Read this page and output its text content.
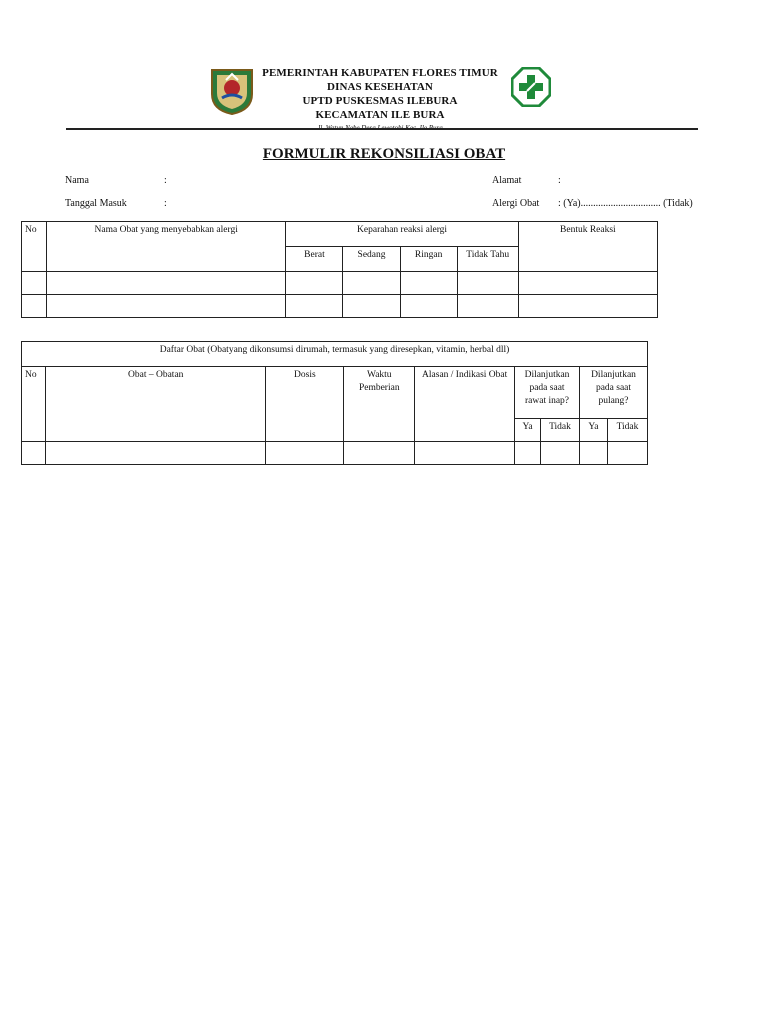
PEMERINTAH KABUPATEN FLORES TIMUR
DINAS KESEHATAN
UPTD PUSKESMAS ILEBURA
KECAMATAN ILE BURA
Jl. Watun Nebe Desa Lewotobi Kec. Ile Bura
FORMULIR REKONSILIASI OBAT
Nama	:
Tanggal Masuk	:
Alamat	:
Alergi Obat : (Ya)................................ (Tidak)
No	Nama Obat yang menyebabkan alergi	Keparahan reaksi alergi				Bentuk Reaksi
		Berat	Sedang	Ringan	Tidak Tahu	

Daftar Obat (Obatyang dikonsumsi dirumah, termasuk yang diresepkan, vitamin, herbal dll)								
No	Obat – Obatan	Dosis	Waktu Pemberian	Alasan / Indikasi Obat	Dilanjutkan pada saat rawat inap?		Dilanjutkan pada saat pulang?	
					Ya	Tidak	Ya	Tidak
